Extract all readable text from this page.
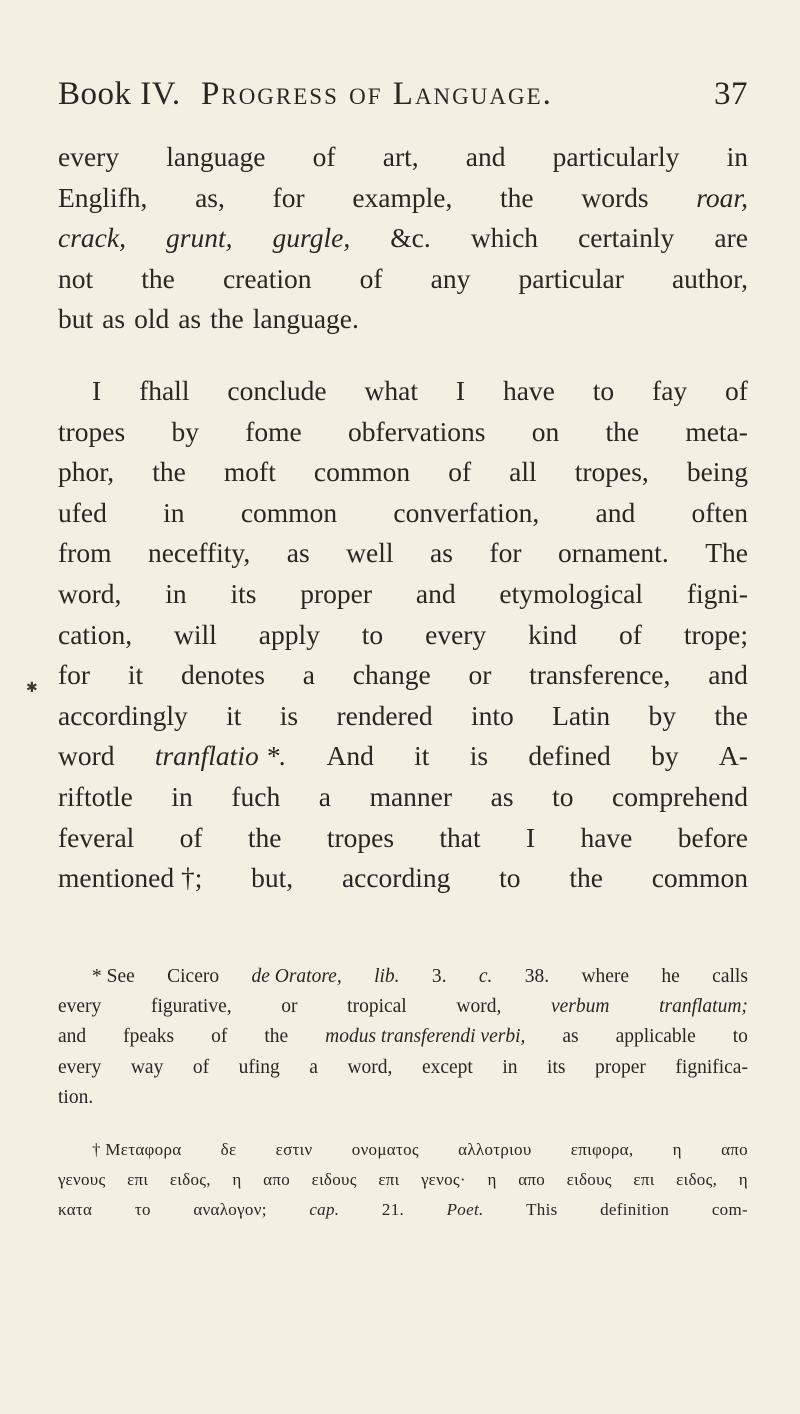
Book IV. Progress of Language.	37
✱
every language of art, and particularly in
Englifh, as, for example, the words roar,
crack, grunt, gurgle, &c. which certainly are
not the creation of any particular author,
but as old as the language.
I fhall conclude what I have to fay of
tropes by fome obfervations on the meta-
phor, the moft common of all tropes, being
ufed in common converfation, and often
from neceffity, as well as for ornament. The
word, in its proper and etymological figni-
cation, will apply to every kind of trope;
for it denotes a change or transference, and
accordingly it is rendered into Latin by the
word tranflatio *. And it is defined by A-
riftotle in fuch a manner as to comprehend
feveral of the tropes that I have before
mentioned †; but, according to the common
* See Cicero de Oratore, lib. 3. c. 38. where he calls
every	figurative,	or	tropical	word,	verbum	tranflatum;
and fpeaks of the modus transferendi verbi, as applicable to
every way of ufing a word, except in its proper fignifica-
tion.
† Μεταφορα δε εστιν ονοματος αλλοτριου επιφορα, η απο
γενους επι ειδος, η απο ειδους επι γενος· η απο ειδους επι ειδος, η
κατα	το	αναλογον;	cap.	21.	Poet.	This	definition	com-
